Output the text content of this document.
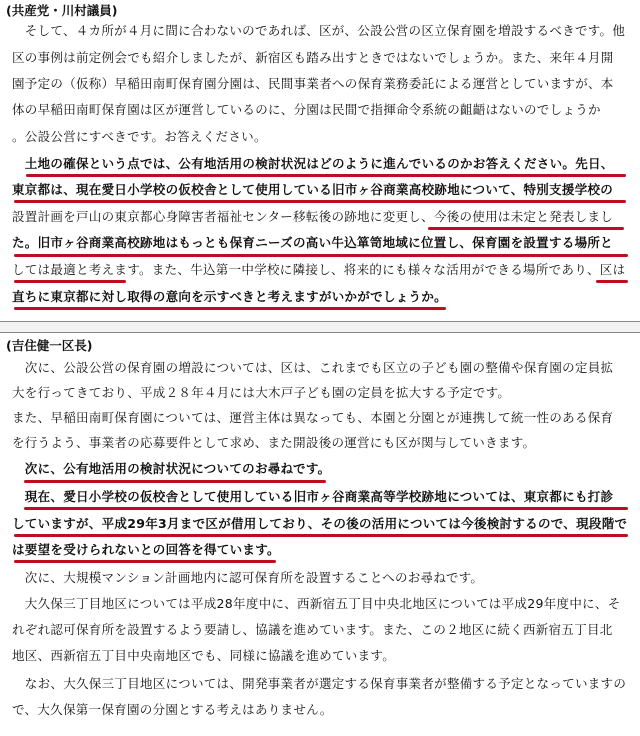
(共産党・川村議員)
　そして、４カ所が４月に間に合わないのであれば、区が、公設公営の区立保育園を増設するべきです。他
区の事例は前定例会でも紹介しましたが、新宿区も踏み出すときではないでしょうか。また、来年４月開
園予定の（仮称）早稲田南町保育園分園は、民間事業者への保育業務委託による運営としていますが、本
体の早稲田南町保育園は区が運営しているのに、分園は民間で指揮命令系統の齟齬はないのでしょうか
。公設公営にすべきです。お答えください。
　土地の確保という点では、公有地活用の検討状況はどのように進んでいるのかお答えください。先日、
東京都は、現在愛日小学校の仮校舎として使用している旧市ヶ谷商業高校跡地について、特別支援学校の
設置計画を戸山の東京都心身障害者福祉センター移転後の跡地に変更し、今後の使用は未定と発表しまし
た。旧市ヶ谷商業高校跡地はもっとも保育ニーズの高い牛込箪笥地域に位置し、保育園を設置する場所と
しては最適と考えます。また、牛込第一中学校に隣接し、将来的にも様々な活用ができる場所であり、区は
直ちに東京都に対し取得の意向を示すべきと考えますがいかがでしょうか。
(吉住健一区長)
　次に、公設公営の保育園の増設については、区は、これまでも区立の子ども園の整備や保育園の定員拡
大を行ってきており、平成２８年４月には大木戸子ども園の定員を拡大する予定です。
また、早稲田南町保育園については、運営主体は異なっても、本園と分園とが連携して統一性のある保育
を行うよう、事業者の応募要件として求め、また開設後の運営にも区が関与していきます。
　次に、公有地活用の検討状況についてのお尋ねです。
　現在、愛日小学校の仮校舎として使用している旧市ヶ谷商業高等学校跡地については、東京都にも打診
していますが、平成29年3月まで区が借用しており、その後の活用については今後検討するので、現段階で
は要望を受けられないとの回答を得ています。
　次に、大規模マンション計画地内に認可保育所を設置することへのお尋ねです。
　大久保三丁目地区については平成28年度中に、西新宿五丁目中央北地区については平成29年度中に、そ
れぞれ認可保育所を設置するよう要請し、協議を進めています。また、この２地区に続く西新宿五丁目北
地区、西新宿五丁目中央南地区でも、同様に協議を進めています。
　なお、大久保三丁目地区については、開発事業者が選定する保育事業者が整備する予定となっていますの
で、大久保第一保育園の分園とする考えはありません。
